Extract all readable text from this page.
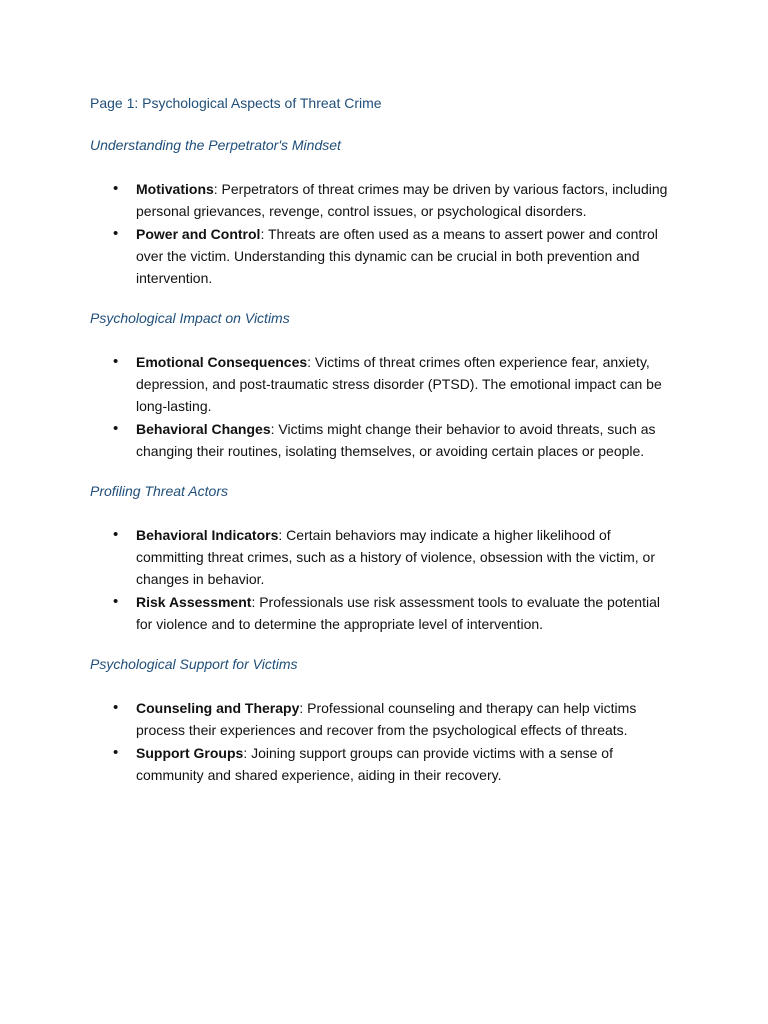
Page 1: Psychological Aspects of Threat Crime

Understanding the Perpetrator's Mindset

• Motivations: Perpetrators of threat crimes may be driven by various factors, including personal grievances, revenge, control issues, or psychological disorders.
• Power and Control: Threats are often used as a means to assert power and control over the victim. Understanding this dynamic can be crucial in both prevention and intervention.

Psychological Impact on Victims

• Emotional Consequences: Victims of threat crimes often experience fear, anxiety, depression, and post-traumatic stress disorder (PTSD). The emotional impact can be long-lasting.
• Behavioral Changes: Victims might change their behavior to avoid threats, such as changing their routines, isolating themselves, or avoiding certain places or people.

Profiling Threat Actors

• Behavioral Indicators: Certain behaviors may indicate a higher likelihood of committing threat crimes, such as a history of violence, obsession with the victim, or changes in behavior.
• Risk Assessment: Professionals use risk assessment tools to evaluate the potential for violence and to determine the appropriate level of intervention.

Psychological Support for Victims

• Counseling and Therapy: Professional counseling and therapy can help victims process their experiences and recover from the psychological effects of threats.
• Support Groups: Joining support groups can provide victims with a sense of community and shared experience, aiding in their recovery.
